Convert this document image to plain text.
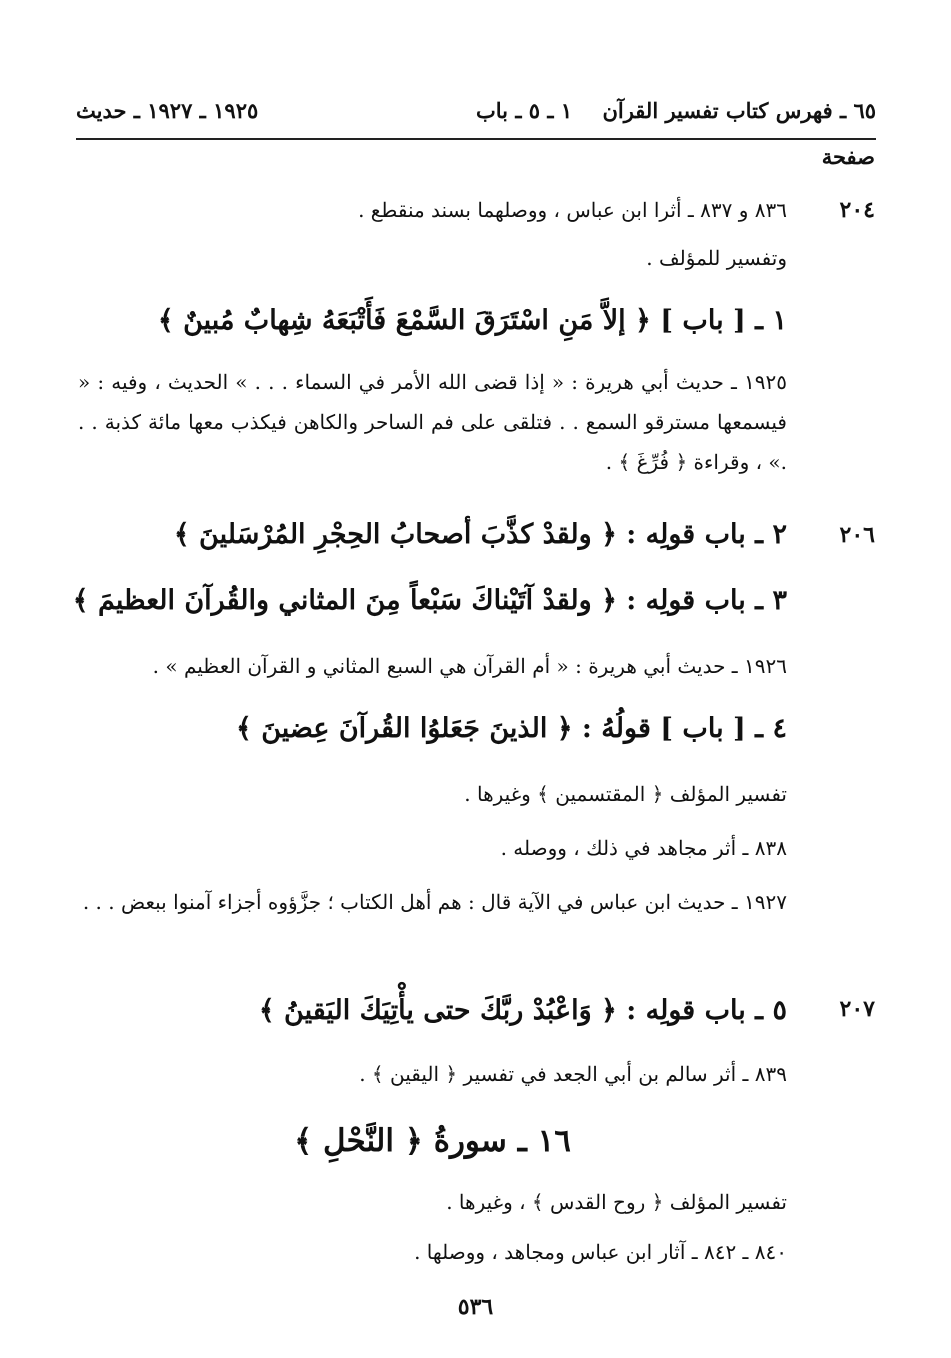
٦٥ ـ فهرس كتاب تفسير القرآن
١ ـ ٥ ـ باب
١٩٢٥ ـ ١٩٢٧ ـ حديث
صفحة
٢٠٤
٢٠٦
٢٠٧
٨٣٦ و ٨٣٧ ـ أثرا ابن عباس ، ووصلهما بسند منقطع .
وتفسير للمؤلف .
١ ـ [ باب ] ﴿ إلاَّ مَنِ اسْتَرَقَ السَّمْعَ فَأَتْبَعَهُ شِهابٌ مُبينٌ ﴾
١٩٢٥ ـ حديث أبي هريرة : « إذا قضى الله الأمر في السماء . . . » الحديث ، وفيه : « فيسمعها مسترقو السمع . . فتلقى على فم الساحر والكاهن فيكذب معها مائة كذبة . . .» ، وقراءة ﴿ فُرِّغَ ﴾ .
٢ ـ باب قولِه : ﴿ ولقدْ كذَّبَ أصحابُ الحِجْرِ المُرْسَلينَ ﴾
٣ ـ باب قولِه : ﴿ ولقدْ آتَيْناكَ سَبْعاً مِنَ المثاني والقُرآنَ العظيمَ ﴾
١٩٢٦ ـ حديث أبي هريرة : « أم القرآن هي السبع المثاني و القرآن العظيم » .
٤ ـ [ باب ] قولُهُ : ﴿ الذينَ جَعَلوُا القُرآنَ عِضينَ ﴾
تفسير المؤلف ﴿ المقتسمين ﴾ وغيرها .
٨٣٨ ـ أثر مجاهد في ذلك ، ووصله .
١٩٢٧ ـ حديث ابن عباس في الآية قال : هم أهل الكتاب ؛ جزَّؤوه أجزاء آمنوا ببعض . . .
٥ ـ باب قولِه : ﴿ وَاعْبُدْ ربَّكَ حتى يأْتِيَكَ اليَقينُ ﴾
٨٣٩ ـ أثر سالم بن أبي الجعد في تفسير ﴿ اليقين ﴾ .
١٦ ـ سورةُ ﴿ النَّحْلِ ﴾
تفسير المؤلف ﴿ روح القدس ﴾ ، وغيرها .
٨٤٠ ـ ٨٤٢ ـ آثار ابن عباس ومجاهد ، ووصلها .
٥٣٦
